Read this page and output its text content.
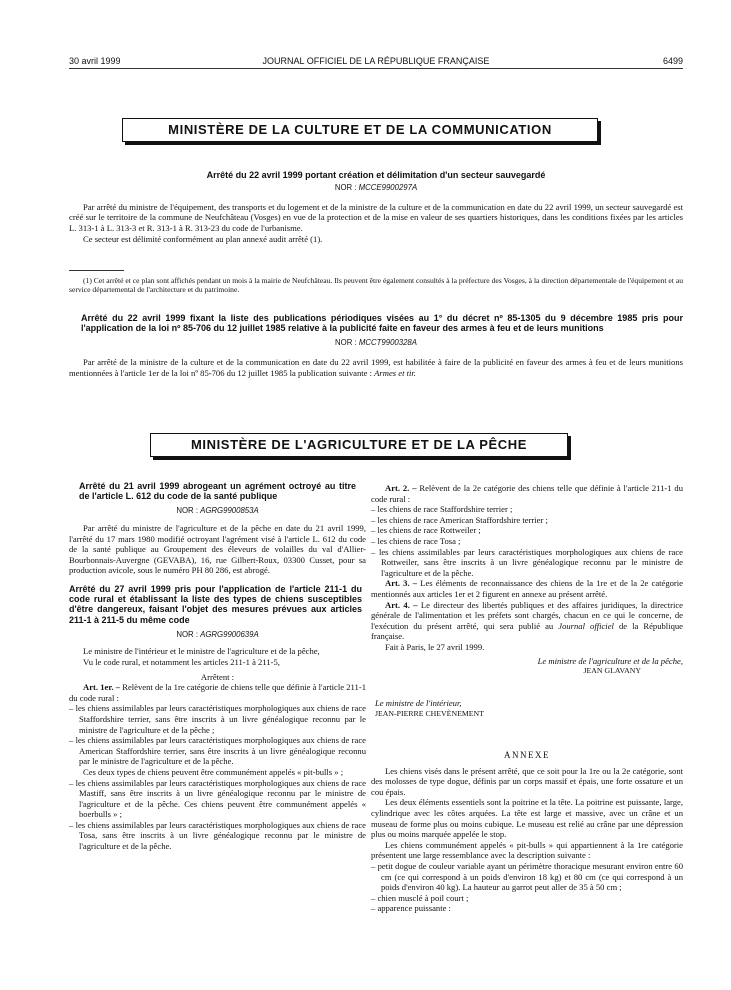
30 avril 1999	JOURNAL OFFICIEL DE LA RÉPUBLIQUE FRANÇAISE	6499
MINISTÈRE DE LA CULTURE ET DE LA COMMUNICATION
Arrêté du 22 avril 1999 portant création et délimitation d'un secteur sauvegardé
NOR : MCCE9900297A

Par arrêté du ministre de l'équipement, des transports et du logement et de la ministre de la culture et de la communication en date du 22 avril 1999, un secteur sauvegardé est créé sur le territoire de la commune de Neufchâteau (Vosges) en vue de la protection et de la mise en valeur de ses quartiers historiques, dans les conditions fixées par les articles L. 313-1 à L. 313-3 et R. 313-1 à R. 313-23 du code de l'urbanisme.

Ce secteur est délimité conformément au plan annexé audit arrêté (1).

(1) Cet arrêté et ce plan sont affichés pendant un mois à la mairie de Neufchâteau. Ils peuvent être également consultés à la préfecture des Vosges, à la direction départementale de l'équipement et au service départemental de l'architecture et du patrimoine.

Arrêté du 22 avril 1999 fixant la liste des publications périodiques visées au 1° du décret nº 85-1305 du 9 décembre 1985 pris pour l'application de la loi nº 85-706 du 12 juillet 1985 relative à la publicité faite en faveur des armes à feu et de leurs munitions
NOR : MCCT9900328A

Par arrêté de la ministre de la culture et de la communication en date du 22 avril 1999, est habilitée à faire de la publicité en faveur des armes à feu et de leurs munitions mentionnées à l'article 1er de la loi nº 85-706 du 12 juillet 1985 la publication suivante : Armes et tir.

MINISTÈRE DE L'AGRICULTURE ET DE LA PÊCHE
Arrêté du 21 avril 1999 abrogeant un agrément octroyé au titre de l'article L. 612 du code de la santé publique
NOR : AGRG9900853A

Par arrêté du ministre de l'agriculture et de la pêche en date du 21 avril 1999, l'arrêté du 17 mars 1980 modifié octroyant l'agrément visé à l'article L. 612 du code de la santé publique au Groupement des éleveurs de volailles du val d'Allier-Bourbonnais-Auvergne (GEVABA), 16, rue Gilbert-Roux, 03300 Cusset, pour sa production avicole, sous le numéro PH 80 286, est abrogé.

Arrêté du 27 avril 1999 pris pour l'application de l'article 211-1 du code rural et établissant la liste des types de chiens susceptibles d'être dangereux, faisant l'objet des mesures prévues aux articles 211-1 à 211-5 du même code
NOR : AGRG9900639A

Le ministre de l'intérieur et le ministre de l'agriculture et de la pêche,

Vu le code rural, et notamment les articles 211-1 à 211-5,

Arrêtent :

Art. 1er. – Relèvent de la 1re catégorie de chiens telle que définie à l'article 211-1 du code rural :

– les chiens assimilables par leurs caractéristiques morphologiques aux chiens de race Staffordshire terrier, sans être inscrits à un livre généalogique reconnu par le ministre de l'agriculture et de la pêche ;

– les chiens assimilables par leurs caractéristiques morphologiques aux chiens de race American Staffordshire terrier, sans être inscrits à un livre généalogique reconnu par le ministre de l'agriculture et de la pêche.

Ces deux types de chiens peuvent être communément appelés « pit-bulls » ;

– les chiens assimilables par leurs caractéristiques morphologiques aux chiens de race Mastiff, sans être inscrits à un livre généalogique reconnu par le ministre de l'agriculture et de la pêche. Ces chiens peuvent être communément appelés « boerbulls » ;

– les chiens assimilables par leurs caractéristiques morphologiques aux chiens de race Tosa, sans être inscrits à un livre généalogique reconnu par le ministre de l'agriculture et de la pêche.

Art. 2. – Relèvent de la 2e catégorie des chiens telle que définie à l'article 211-1 du code rural :

– les chiens de race Staffordshire terrier ;

– les chiens de race American Staffordshire terrier ;

– les chiens de race Rottweiler ;

– les chiens de race Tosa ;

– les chiens assimilables par leurs caractéristiques morphologiques aux chiens de race Rottweiler, sans être inscrits à un livre généalogique reconnu par le ministre de l'agriculture et de la pêche.

Art. 3. – Les éléments de reconnaissance des chiens de la 1re et de la 2e catégorie mentionnés aux articles 1er et 2 figurent en annexe au présent arrêté.

Art. 4. – Le directeur des libertés publiques et des affaires juridiques, la directrice générale de l'alimentation et les préfets sont chargés, chacun en ce qui le concerne, de l'exécution du présent arrêté, qui sera publié au Journal officiel de la République française.

Fait à Paris, le 27 avril 1999.

Le ministre de l'agriculture et de la pêche,

JEAN GLAVANY

Le ministre de l'intérieur,

JEAN-PIERRE CHEVÈNEMENT

ANNEXE

Les chiens visés dans le présent arrêté, que ce soit pour la 1re ou la 2e catégorie, sont des molosses de type dogue, définis par un corps massif et épais, une forte ossature et un cou épais.

Les deux éléments essentiels sont la poitrine et la tête. La poitrine est puissante, large, cylindrique avec les côtes arquées. La tête est large et massive, avec un crâne et un museau de forme plus ou moins cubique. Le museau est relié au crâne par une dépression plus ou moins marquée appelée le stop.

Les chiens communément appelés « pit-bulls » qui appartiennent à la 1re catégorie présentent une large ressemblance avec la description suivante :

– petit dogue de couleur variable ayant un périmètre thoracique mesurant environ entre 60 cm (ce qui correspond à un poids d'environ 18 kg) et 80 cm (ce qui correspond à un poids d'environ 40 kg). La hauteur au garrot peut aller de 35 à 50 cm ;

– chien musclé à poil court ;

– apparence puissante :
